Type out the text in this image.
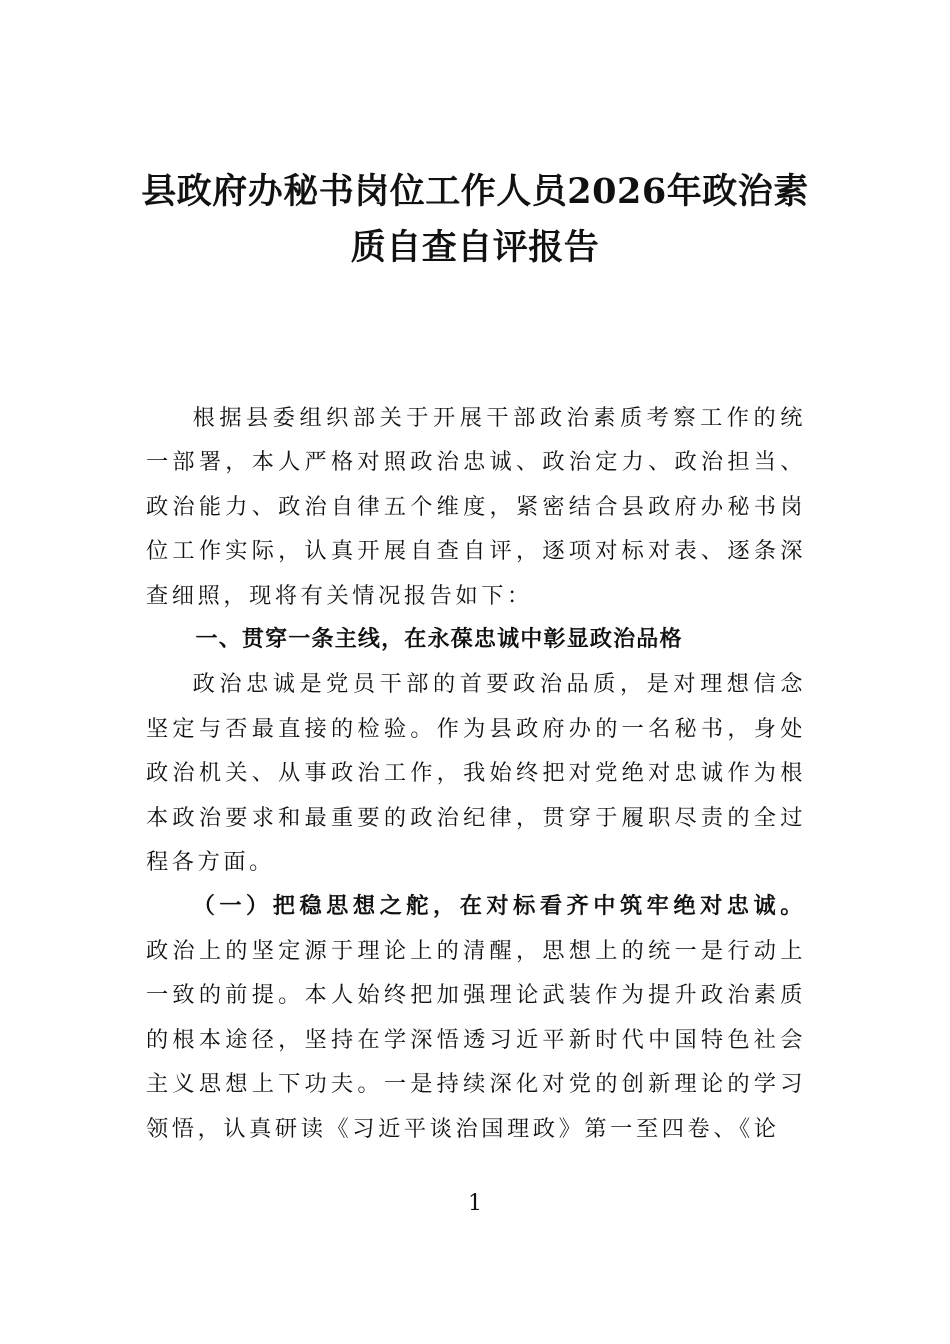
县政府办秘书岗位工作人员2026年政治素
质自查自评报告

根据县委组织部关于开展干部政治素质考察工作的统一部署，本人严格对照政治忠诚、政治定力、政治担当、政治能力、政治自律五个维度，紧密结合县政府办秘书岗位工作实际，认真开展自查自评，逐项对标对表、逐条深查细照，现将有关情况报告如下：

一、贯穿一条主线，在永葆忠诚中彰显政治品格

政治忠诚是党员干部的首要政治品质，是对理想信念坚定与否最直接的检验。作为县政府办的一名秘书，身处政治机关、从事政治工作，我始终把对党绝对忠诚作为根本政治要求和最重要的政治纪律，贯穿于履职尽责的全过程各方面。

（一）把稳思想之舵，在对标看齐中筑牢绝对忠诚。政治上的坚定源于理论上的清醒，思想上的统一是行动上一致的前提。本人始终把加强理论武装作为提升政治素质的根本途径，坚持在学深悟透习近平新时代中国特色社会主义思想上下功夫。一是持续深化对党的创新理论的学习领悟，认真研读《习近平谈治国理政》第一至四卷、《论

1
